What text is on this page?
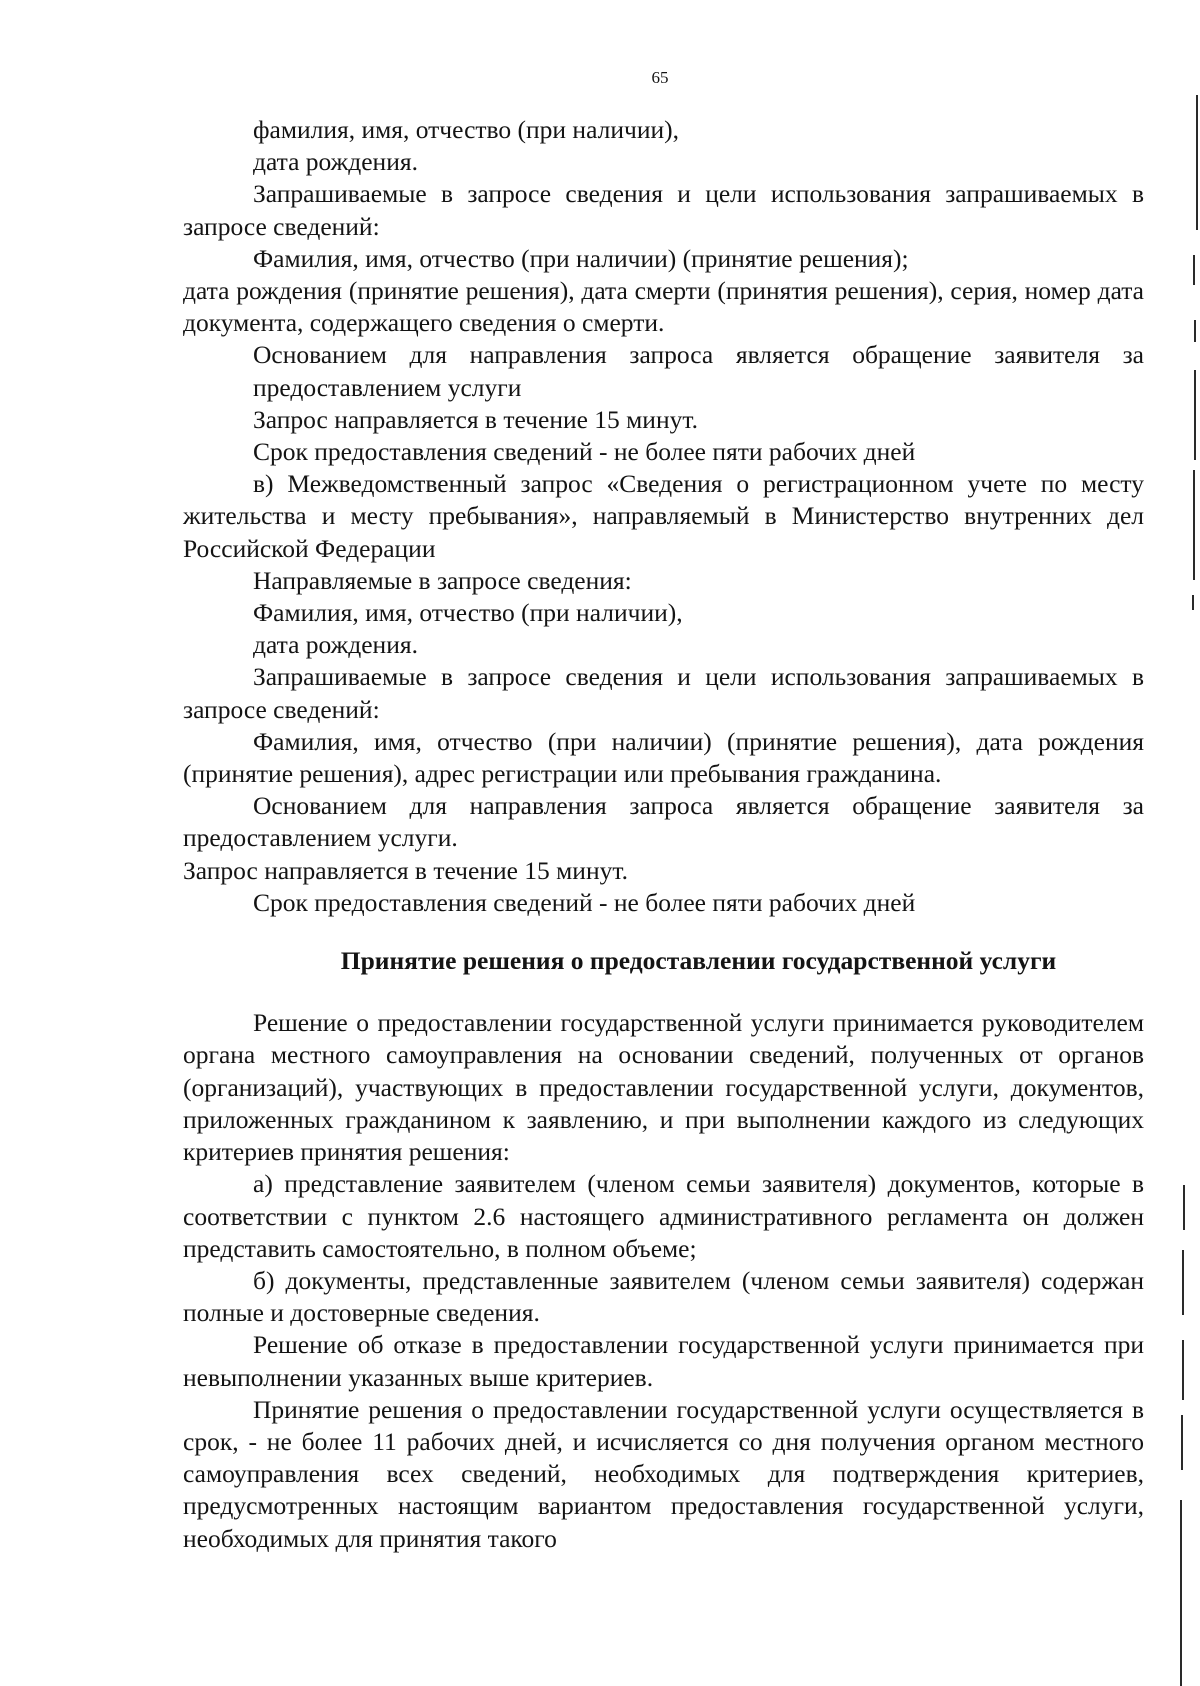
65

фамилия, имя, отчество (при наличии),

дата рождения.

Запрашиваемые в запросе сведения и цели использования запрашиваемых в запросе сведений:

Фамилия, имя, отчество (при наличии) (принятие решения);

дата рождения (принятие решения), дата смерти (принятия решения), серия, номер дата документа, содержащего сведения о смерти.

Основанием для направления запроса является обращение заявителя за предоставлением услуги

Запрос направляется в течение 15 минут.

Срок предоставления сведений - не более пяти рабочих дней

в) Межведомственный запрос «Сведения о регистрационном учете по месту жительства и месту пребывания», направляемый в Министерство внутренних дел Российской Федерации

Направляемые в запросе сведения:

Фамилия, имя, отчество (при наличии),

дата рождения.

Запрашиваемые в запросе сведения и цели использования запрашиваемых в запросе сведений:

Фамилия, имя, отчество (при наличии) (принятие решения), дата рождения (принятие решения), адрес регистрации или пребывания гражданина.

Основанием для направления запроса является обращение заявителя за предоставлением услуги.

Запрос направляется в течение 15 минут.

Срок предоставления сведений - не более пяти рабочих дней

Принятие решения о предоставлении государственной услуги

Решение о предоставлении государственной услуги принимается руководителем органа местного самоуправления на основании сведений, полученных от органов (организаций), участвующих в предоставлении государственной услуги, документов, приложенных гражданином к заявлению, и при выполнении каждого из следующих критериев принятия решения:

а) представление заявителем (членом семьи заявителя) документов, которые в соответствии с пунктом 2.6 настоящего административного регламента он должен представить самостоятельно, в полном объеме;

б) документы, представленные заявителем (членом семьи заявителя) содержан полные и достоверные сведения.

Решение об отказе в предоставлении государственной услуги принимается при невыполнении указанных выше критериев.

Принятие решения о предоставлении государственной услуги осуществляется в срок, - не более 11 рабочих дней, и исчисляется со дня получения органом местного самоуправления всех сведений, необходимых для подтверждения критериев, предусмотренных настоящим вариантом предоставления государственной услуги, необходимых для принятия такого
